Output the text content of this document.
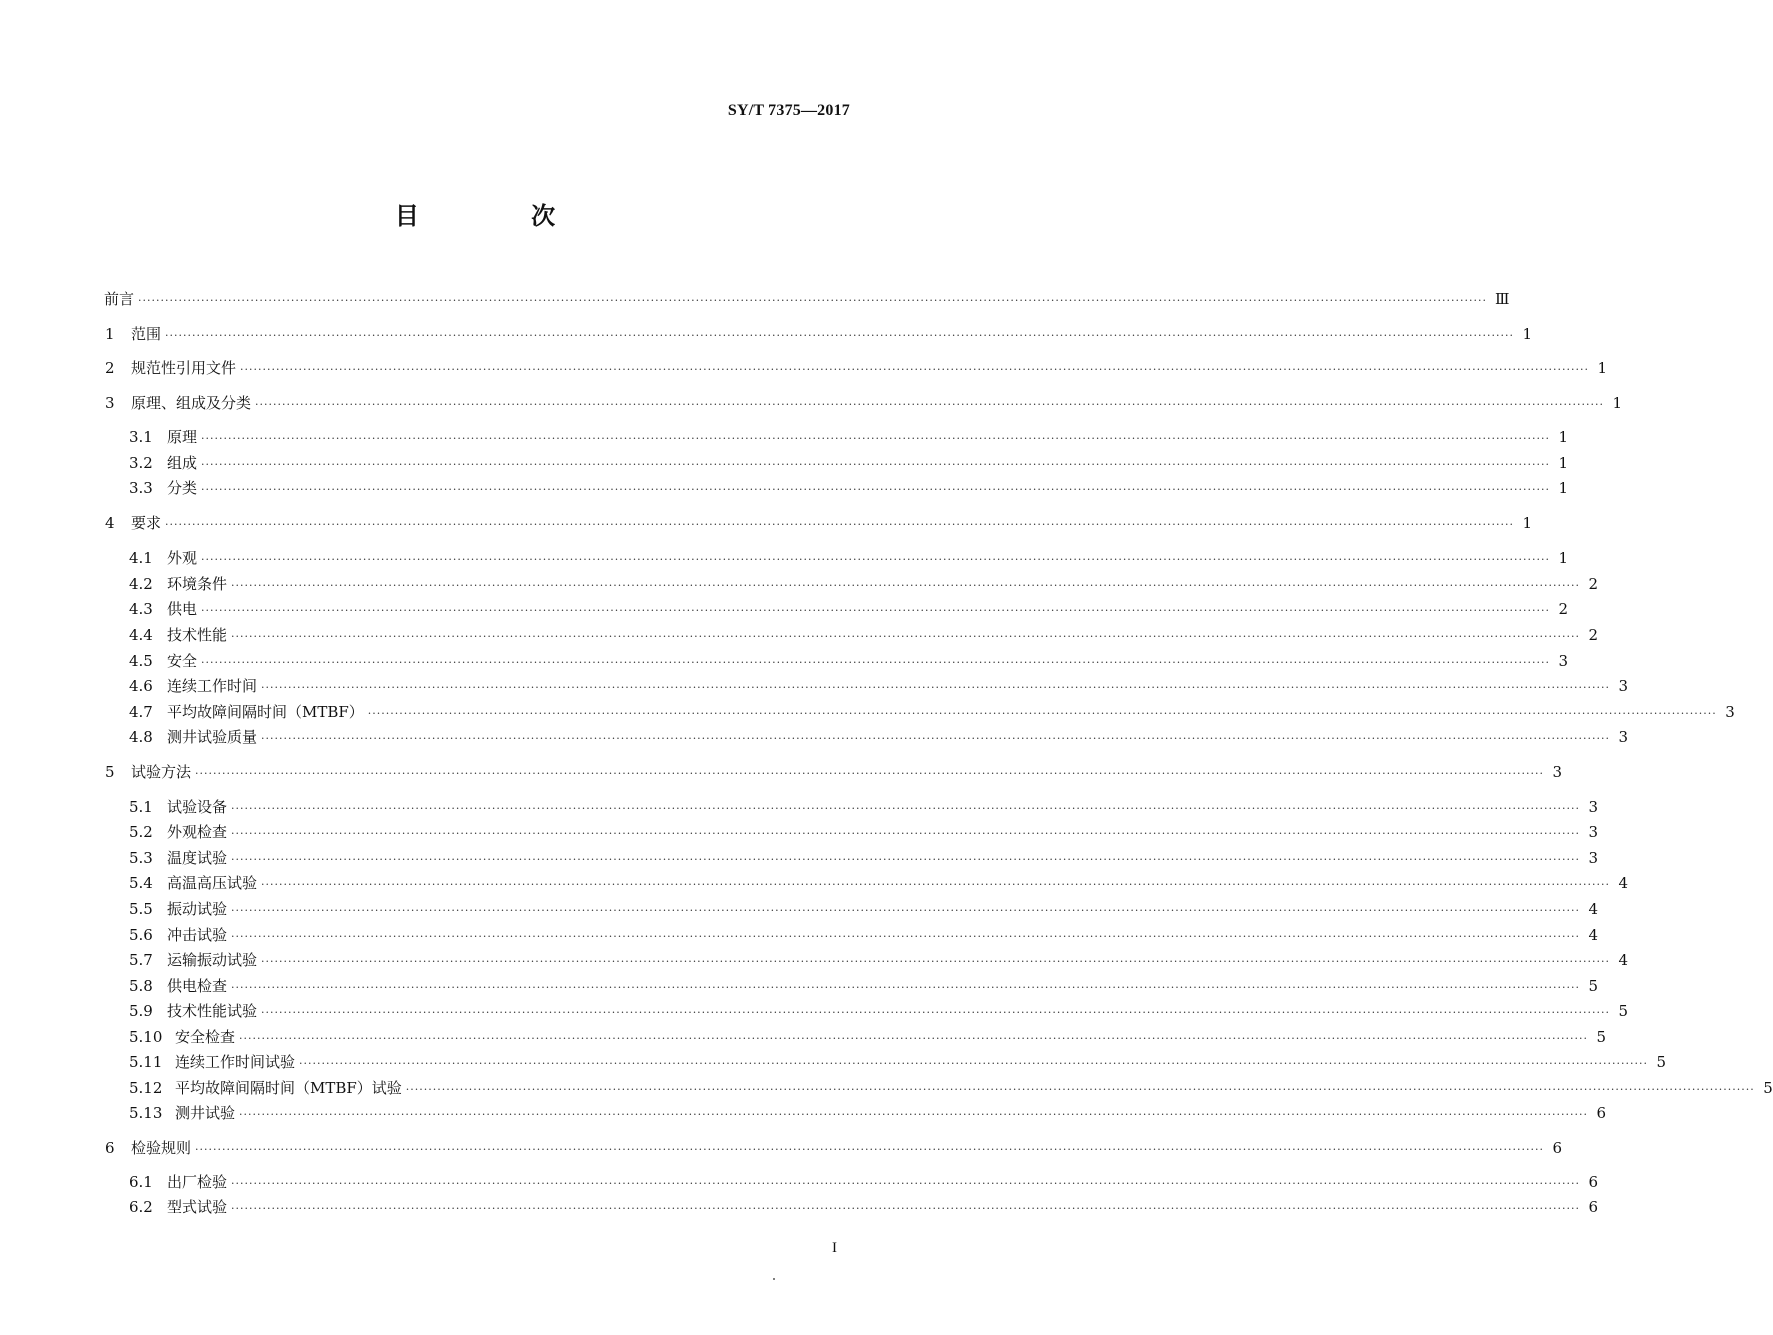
SY/T 7375—2017
目 次
前言 ············································································································································································································································································································ Ⅲ
1	范围 ············································································································································································································································································································ 1
2	规范性引用文件 ············································································································································································································································································································ 1
3	原理、组成及分类 ············································································································································································································································································································ 1
3.1 原理 ············································································································································································································································································································ 1
3.2 组成 ············································································································································································································································································································ 1
3.3 分类 ············································································································································································································································································································ 1
4	要求 ············································································································································································································································································································ 1
4.1 外观 ············································································································································································································································································································ 1
4.2 环境条件 ············································································································································································································································································································ 2
4.3 供电 ············································································································································································································································································································ 2
4.4 技术性能 ············································································································································································································································································································ 2
4.5 安全 ············································································································································································································································································································ 3
4.6 连续工作时间 ············································································································································································································································································································ 3
4.7 平均故障间隔时间（MTBF） ············································································································································································································································································································ 3
4.8 测井试验质量 ············································································································································································································································································································ 3
5	试验方法 ············································································································································································································································································································ 3
5.1 试验设备 ············································································································································································································································································································ 3
5.2 外观检查 ············································································································································································································································································································ 3
5.3 温度试验 ············································································································································································································································································································ 3
5.4 高温高压试验 ············································································································································································································································································································ 4
5.5 振动试验 ············································································································································································································································································································ 4
5.6 冲击试验 ············································································································································································································································································································ 4
5.7 运输振动试验 ············································································································································································································································································································ 4
5.8 供电检查 ············································································································································································································································································································ 5
5.9 技术性能试验 ············································································································································································································································································································ 5
5.10 安全检查 ············································································································································································································································································································ 5
5.11 连续工作时间试验 ············································································································································································································································································································ 5
5.12 平均故障间隔时间（MTBF）试验 ············································································································································································································································································································ 5
5.13 测井试验 ············································································································································································································································································································ 6
6	检验规则 ············································································································································································································································································································ 6
6.1 出厂检验 ············································································································································································································································································································ 6
6.2 型式试验 ············································································································································································································································································································ 6
I
